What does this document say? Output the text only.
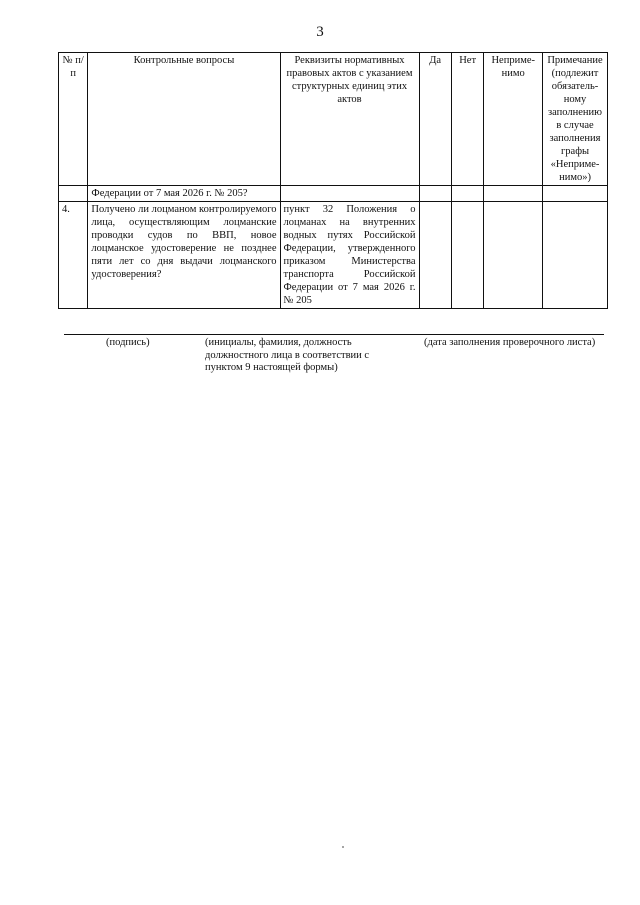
3
№ п/п	Контрольные вопросы	Реквизиты нормативных правовых актов с указанием структурных единиц этих актов	Да	Нет	Неприме-нимо	Примечание (подлежит обязатель-ному заполнению в случае заполнения графы «Непримe-нимо»)
	Федерации от 7 мая 2026 г. № 205?					
4.	Получено ли лоцманом контролируемого лица, осуществляющим лоцманские проводки судов по ВВП, новое лоцманское удостоверение не позднее пяти лет со дня выдачи лоцманского удостоверения?	пункт 32 Положения о лоцманах на внутренних водных путях Российской Федерации, утвержденного приказом Министерства транспорта Российской Федерации от 7 мая 2026 г. № 205				
(подпись)	(инициалы, фамилия, должность должностного лица в соответствии с пунктом 9 настоящей формы)
(дата заполнения проверочного листа)
